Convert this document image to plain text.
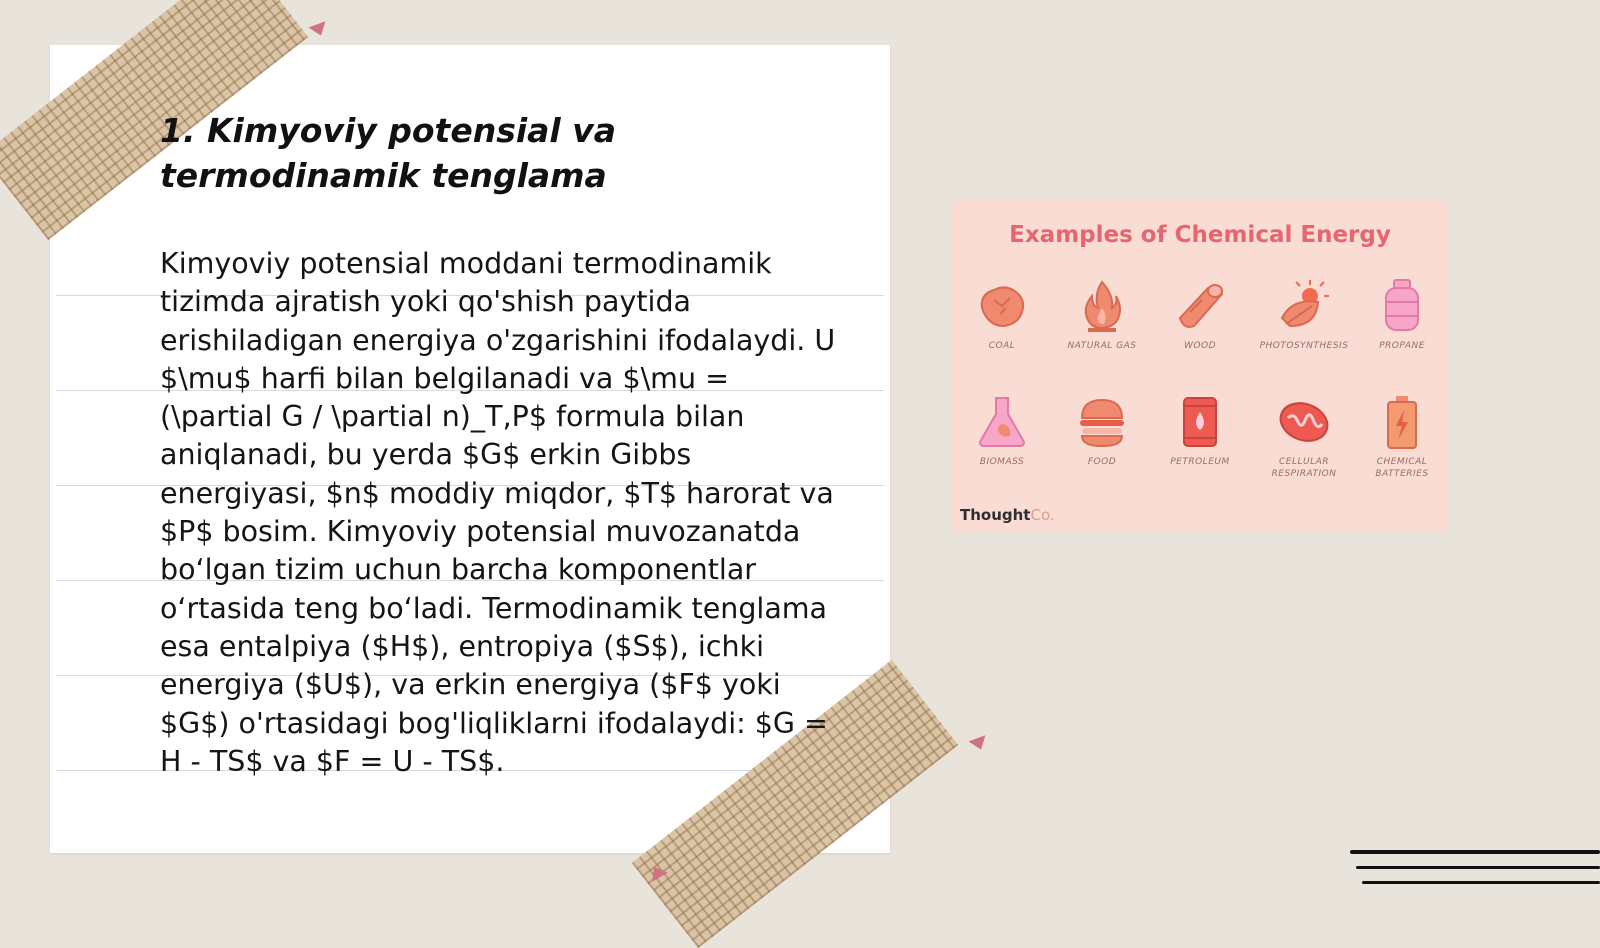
1. Kimyoviy potensial va termodinamik tenglama

Kimyoviy potensial moddani termodinamik tizimda ajratish yoki qo'shish paytida erishiladigan energiya o'zgarishini ifodalaydi. U $\mu$ harfi bilan belgilanadi va $\mu = (\partial G / \partial n)_T,P$ formula bilan aniqlanadi, bu yerda $G$ erkin Gibbs energiyasi, $n$ moddiy miqdor, $T$ harorat va $P$ bosim. Kimyoviy potensial muvozanatda boʻlgan tizim uchun barcha komponentlar oʻrtasida teng boʻladi. Termodinamik tenglama esa entalpiya ($H$), entropiya ($S$), ichki energiya ($U$), va erkin energiya ($F$ yoki $G$) o'rtasidagi bog'liqliklarni ifodalaydi: $G = H - TS$ va $F = U - TS$.

Examples of Chemical Energy
COAL	NATURAL GAS	WOOD	PHOTOSYNTHESIS	PROPANE
BIOMASS	FOOD	PETROLEUM	CELLULAR RESPIRATION
CHEMICAL BATTERIES
ThoughtCo.
